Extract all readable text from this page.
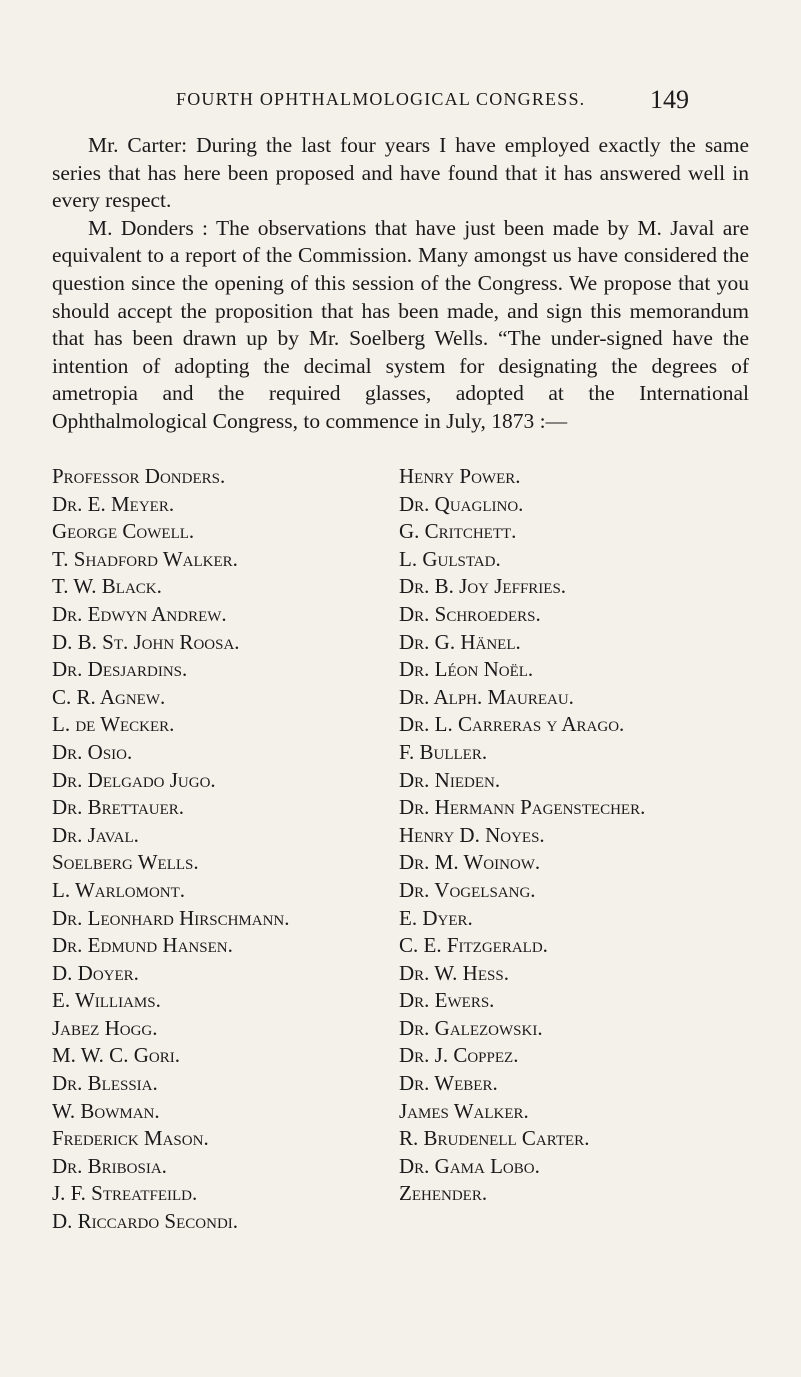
FOURTH OPHTHALMOLOGICAL CONGRESS. 149

Mr. Carter: During the last four years I have employed exactly the same series that has here been proposed and have found that it has answered well in every respect.

M. Donders : The observations that have just been made by M. Javal are equivalent to a report of the Commission. Many amongst us have considered the question since the opening of this session of the Congress. We propose that you should accept the proposition that has been made, and sign this memorandum that has been drawn up by Mr. Soelberg Wells. “The under-signed have the intention of adopting the decimal system for designating the degrees of ametropia and the required glasses, adopted at the International Ophthalmological Congress, to commence in July, 1873 :—

Professor Donders.
Dr. E. Meyer.
George Cowell.
T. Shadford Walker.
T. W. Black.
Dr. Edwyn Andrew.
D. B. St. John Roosa.
Dr. Desjardins.
C. R. Agnew.
L. de Wecker.
Dr. Osio.
Dr. Delgado Jugo.
Dr. Brettauer.
Dr. Javal.
Soelberg Wells.
L. Warlomont.
Dr. Leonhard Hirschmann.
Dr. Edmund Hansen.
D. Doyer.
E. Williams.
Jabez Hogg.
M. W. C. Gori.
Dr. Blessia.
W. Bowman.
Frederick Mason.
Dr. Bribosia.
J. F. Streatfeild.
D. Riccardo Secondi.
Henry Power.
Dr. Quaglino.
G. Critchett.
L. Gulstad.
Dr. B. Joy Jeffries.
Dr. Schroeders.
Dr. G. Hänel.
Dr. Léon Noël.
Dr. Alph. Maureau.
Dr. L. Carreras y Arago.
F. Buller.
Dr. Nieden.
Dr. Hermann Pagenstecher.
Henry D. Noyes.
Dr. M. Woinow.
Dr. Vogelsang.
E. Dyer.
C. E. Fitzgerald.
Dr. W. Hess.
Dr. Ewers.
Dr. Galezowski.
Dr. J. Coppez.
Dr. Weber.
James Walker.
R. Brudenell Carter.
Dr. Gama Lobo.
Zehender.
